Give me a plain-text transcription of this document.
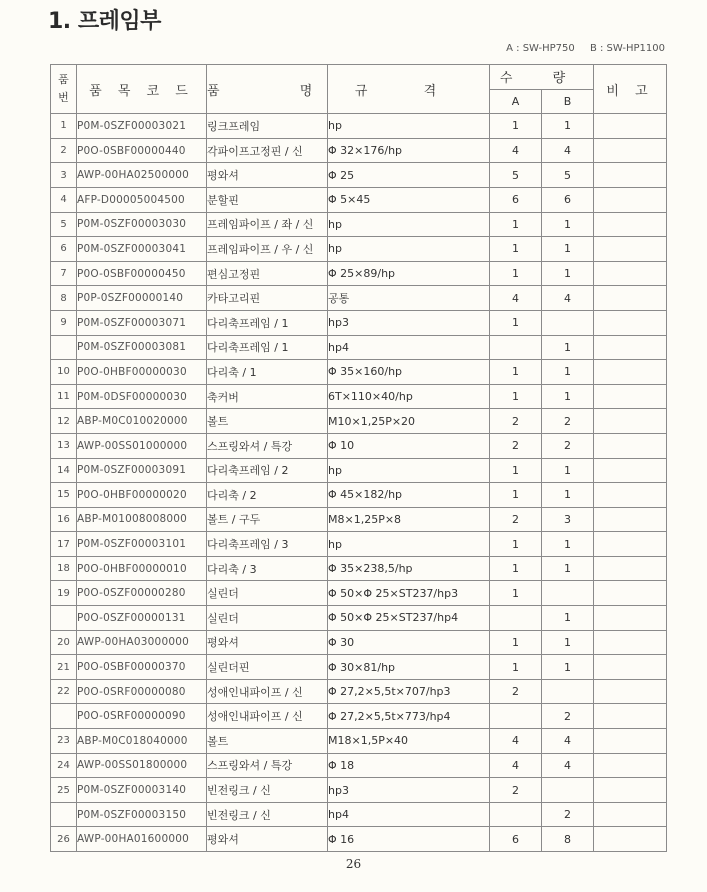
1. 프레임부
A : SW-HP750 B : SW-HP1100
품번	품 목 코 드	품 명	규 격	수 량		비 고
				A	B	
1	P0M-0SZF00003021	링크프레임	hp	1	1	
2	P0O-0SBF00000440	각파이프고정핀 / 신	Φ 32×176/hp	4	4	
3	AWP-00HA02500000	평와셔	Φ 25	5	5	
4	AFP-D00005004500	분할핀	Φ 5×45	6	6	
5	P0M-0SZF00003030	프레임파이프 / 좌 / 신	hp	1	1	
6	P0M-0SZF00003041	프레임파이프 / 우 / 신	hp	1	1	
7	P0O-0SBF00000450	편심고정핀	Φ 25×89/hp	1	1	
8	P0P-0SZF00000140	카타고리핀	공통	4	4	
9	P0M-0SZF00003071	다리축프레임 / 1	hp3	1		
	P0M-0SZF00003081	다리축프레임 / 1	hp4		1	
10	P0O-0HBF00000030	다리축 / 1	Φ 35×160/hp	1	1	
11	P0M-0DSF00000030	축커버	6T×110×40/hp	1	1	
12	ABP-M0C010020000	볼트	M10×1,25P×20	2	2	
13	AWP-00SS01000000	스프링와셔 / 특강	Φ 10	2	2	
14	P0M-0SZF00003091	다리축프레임 / 2	hp	1	1	
15	P0O-0HBF00000020	다리축 / 2	Φ 45×182/hp	1	1	
16	ABP-M01008008000	볼트 / 구두	M8×1,25P×8	2	3	
17	P0M-0SZF00003101	다리축프레임 / 3	hp	1	1	
18	P0O-0HBF00000010	다리축 / 3	Φ 35×238,5/hp	1	1	
19	P0O-0SZF00000280	실린더	Φ 50×Φ 25×ST237/hp3	1		
	P0O-0SZF00000131	실린더	Φ 50×Φ 25×ST237/hp4		1	
20	AWP-00HA03000000	평와셔	Φ 30	1	1	
21	P0O-0SBF00000370	실린더핀	Φ 30×81/hp	1	1	
22	P0O-0SRF00000080	성애인내파이프 / 신	Φ 27,2×5,5t×707/hp3	2		
	P0O-0SRF00000090	성애인내파이프 / 신	Φ 27,2×5,5t×773/hp4		2	
23	ABP-M0C018040000	볼트	M18×1,5P×40	4	4	
24	AWP-00SS01800000	스프링와셔 / 특강	Φ 18	4	4	
25	P0M-0SZF00003140	빈전링크 / 신	hp3	2		
	P0M-0SZF00003150	빈전링크 / 신	hp4		2	
26	AWP-00HA01600000	평와셔	Φ 16	6	8	
26
